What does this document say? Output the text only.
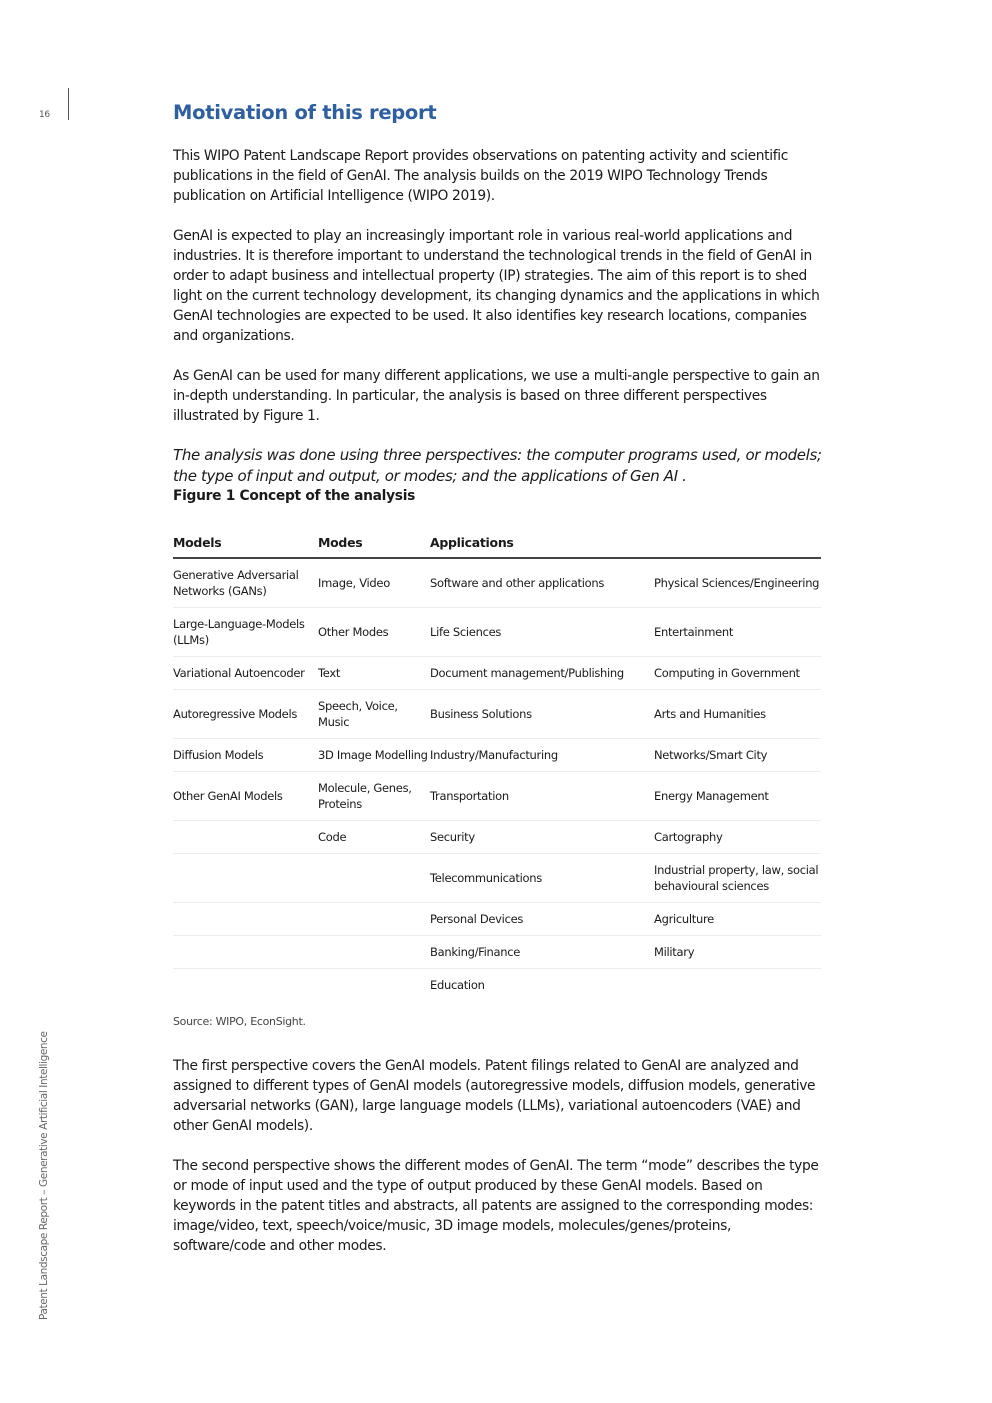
16
Patent Landscape Report – Generative Artificial Intelligence
Motivation of this report

This WIPO Patent Landscape Report provides observations on patenting activity and scientific publications in the field of GenAI. The analysis builds on the 2019 WIPO Technology Trends publication on Artificial Intelligence (WIPO 2019).

GenAI is expected to play an increasingly important role in various real-world applications and industries. It is therefore important to understand the technological trends in the field of GenAI in order to adapt business and intellectual property (IP) strategies. The aim of this report is to shed light on the current technology development, its changing dynamics and the applications in which GenAI technologies are expected to be used. It also identifies key research locations, companies and organizations.

As GenAI can be used for many different applications, we use a multi-angle perspective to gain an in-depth understanding. In particular, the analysis is based on three different perspectives illustrated by Figure 1.

The analysis was done using three perspectives: the computer programs used, or models; the type of input and output, or modes; and the applications of Gen AI .
Figure 1 Concept of the analysis
Models	Modes	Applications	
Generative Adversarial Networks (GANs)	Image, Video	Software and other applications	Physical Sciences/Engineering
Large-Language-Models (LLMs)	Other Modes	Life Sciences	Entertainment
Variational Autoencoder	Text	Document management/Publishing	Computing in Government
Autoregressive Models	Speech, Voice, Music	Business Solutions	Arts and Humanities
Diffusion Models	3D Image Modelling	Industry/Manufacturing	Networks/Smart City
Other GenAI Models	Molecule, Genes, Proteins	Transportation	Energy Management
	Code	Security	Cartography
		Telecommunications	Industrial property, law, social behavioural sciences
		Personal Devices	Agriculture
		Banking/Finance	Military
		Education	
Source: WIPO, EconSight.

The first perspective covers the GenAI models. Patent filings related to GenAI are analyzed and assigned to different types of GenAI models (autoregressive models, diffusion models, generative adversarial networks (GAN), large language models (LLMs), variational autoencoders (VAE) and other GenAI models).

The second perspective shows the different modes of GenAI. The term “mode” describes the type or mode of input used and the type of output produced by these GenAI models. Based on keywords in the patent titles and abstracts, all patents are assigned to the corresponding modes: image/video, text, speech/voice/music, 3D image models, molecules/genes/proteins, software/code and other modes.
